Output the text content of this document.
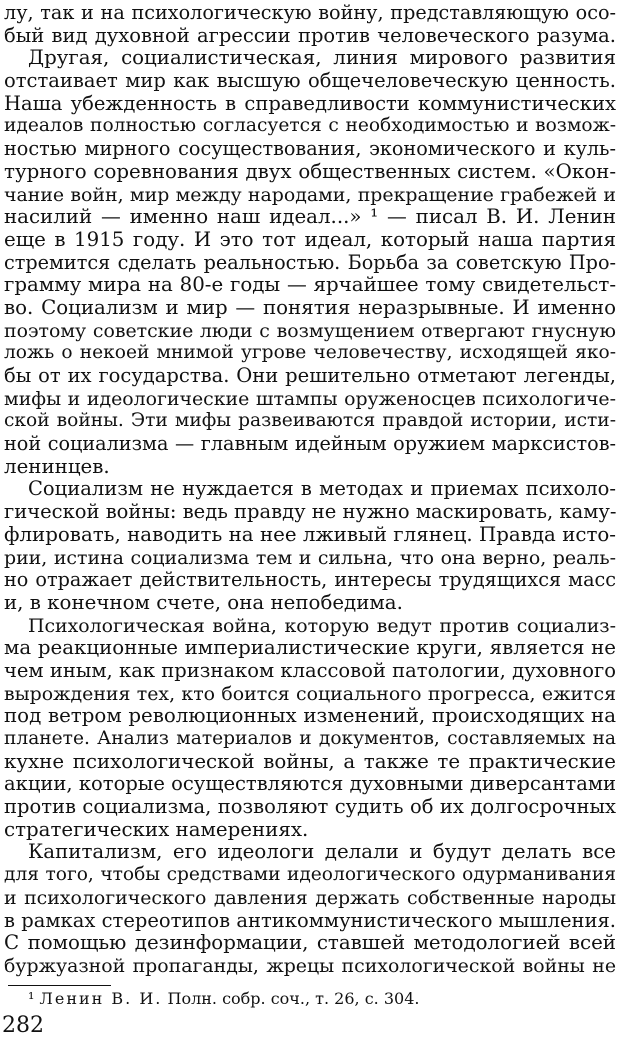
лу, так и на психологическую войну, представляющую осо-
бый вид духовной агрессии против человеческого разума.
Другая, социалистическая, линия мирового развития
отстаивает мир как высшую общечеловеческую ценность.
Наша убежденность в справедливости коммунистических
идеалов полностью согласуется с необходимостью и возмож-
ностью мирного сосуществования, экономического и куль-
турного соревнования двух общественных систем. «Окон-
чание войн, мир между народами, прекращение грабежей и
насилий — именно наш идеал...» ¹ — писал В. И. Ленин
еще в 1915 году. И это тот идеал, который наша партия
стремится сделать реальностью. Борьба за советскую Про-
грамму мира на 80-е годы — ярчайшее тому свидетельст-
во. Социализм и мир — понятия неразрывные. И именно
поэтому советские люди с возмущением отвергают гнусную
ложь о некоей мнимой угрове человечеству, исходящей яко-
бы от их государства. Они решительно отметают легенды,
мифы и идеологические штампы оруженосцев психологиче-
ской войны. Эти мифы развеиваются правдой истории, исти-
ной социализма — главным идейным оружием марксистов-
ленинцев.
Социализм не нуждается в методах и приемах психоло-
гической войны: ведь правду не нужно маскировать, каму-
флировать, наводить на нее лживый глянец. Правда исто-
рии, истина социализма тем и сильна, что она верно, реаль-
но отражает действительность, интересы трудящихся масс
и, в конечном счете, она непобедима.
Психологическая война, которую ведут против социализ-
ма реакционные империалистические круги, является не
чем иным, как признаком классовой патологии, духовного
вырождения тех, кто боится социального прогресса, ежится
под ветром революционных изменений, происходящих на
планете. Анализ материалов и документов, составляемых на
кухне психологической войны, а также те практические
акции, которые осуществляются духовными диверсантами
против социализма, позволяют судить об их долгосрочных
стратегических намерениях.
Капитализм, его идеологи делали и будут делать все
для того, чтобы средствами идеологического одурманивания
и психологического давления держать собственные народы
в рамках стереотипов антикоммунистического мышления.
С помощью дезинформации, ставшей методологией всей
буржуазной пропаганды, жрецы психологической войны не
¹ Ленин В. И. Полн. собр. соч., т. 26, с. 304.
282
